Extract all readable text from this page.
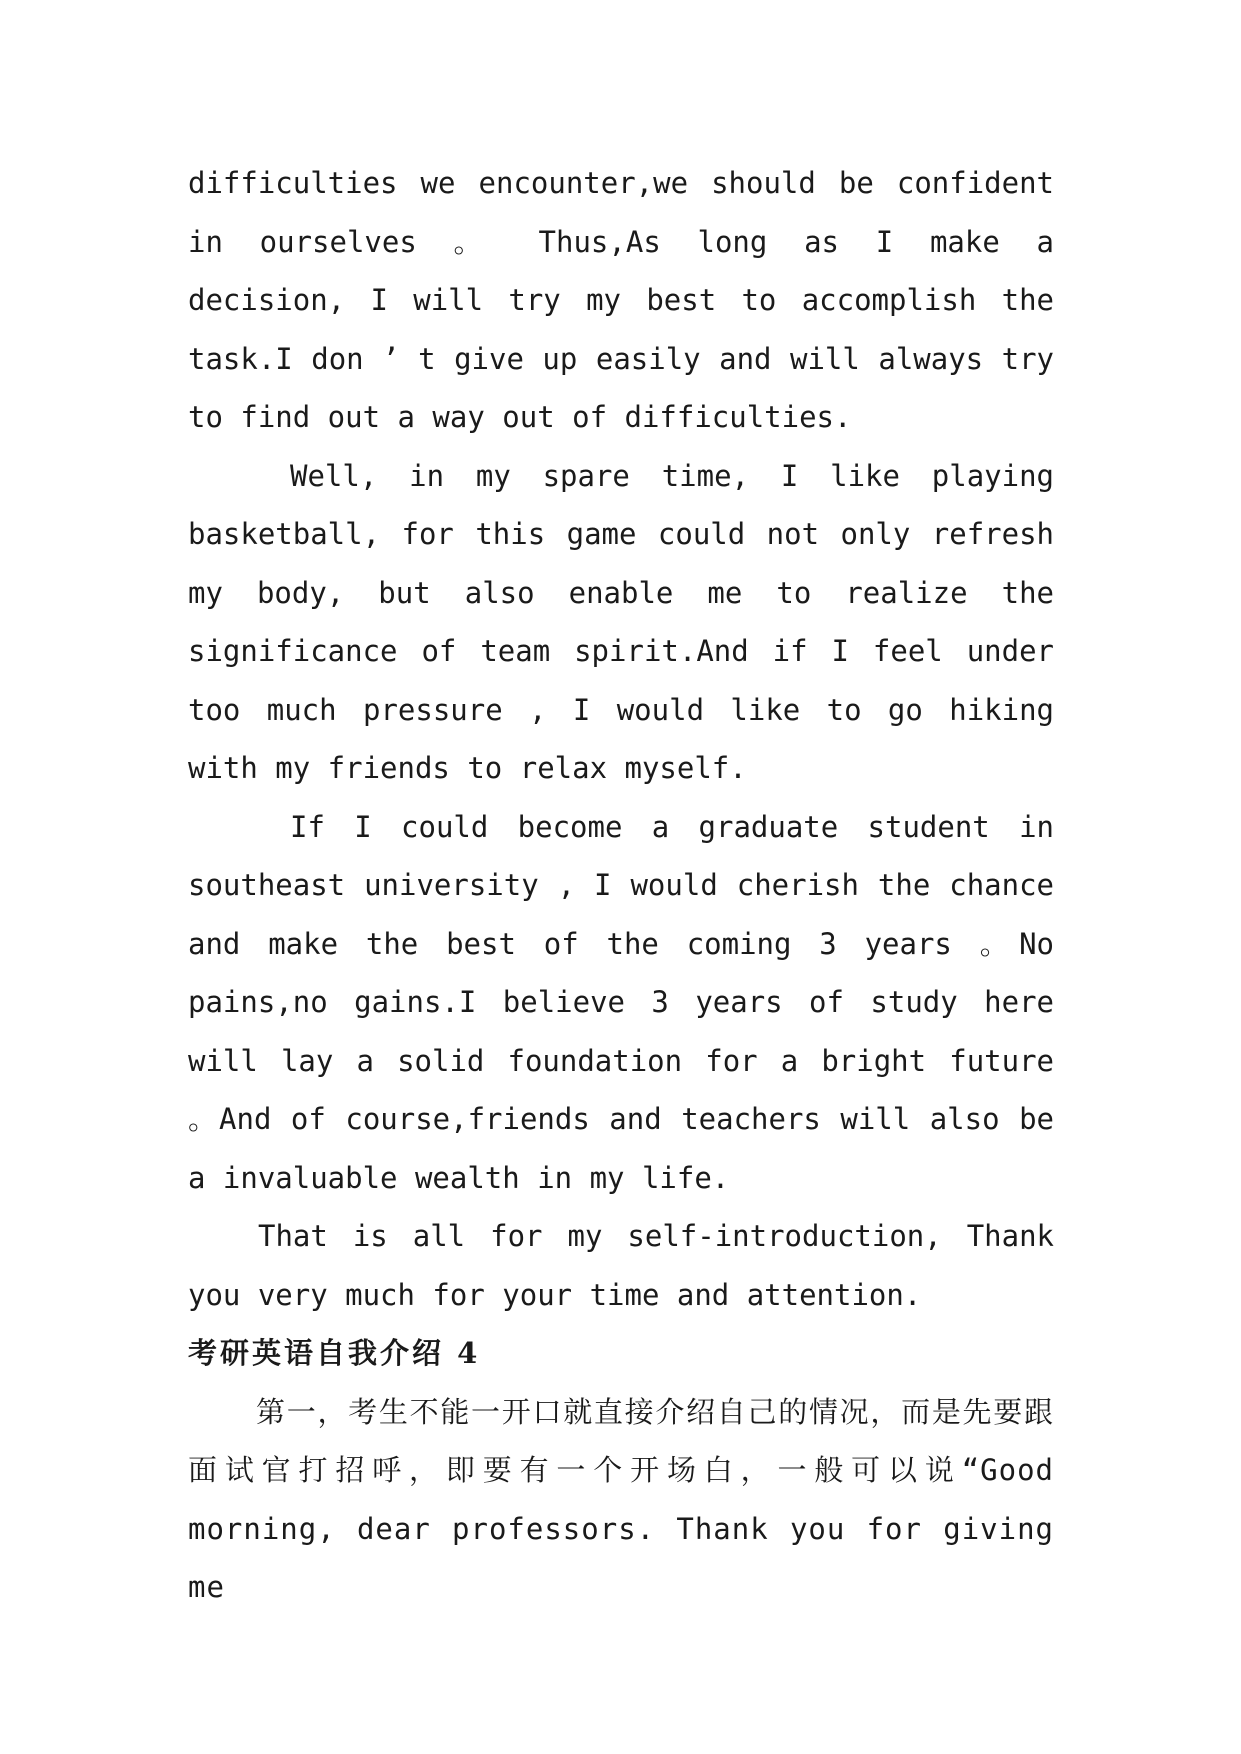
difficulties we encounter,we should be confident in ourselves 。 Thus,As long as I make a decision, I will try my best to accomplish the task.I don ’ t give up easily and will always try to find out a way out of difficulties.

Well, in my spare time, I like playing basketball, for this game could not only refresh my body, but also enable me to realize the significance of team spirit.And if I feel under too much pressure , I would like to go hiking with my friends to relax myself.

If I could become a graduate student in southeast university , I would cherish the chance and make the best of the coming 3 years 。No pains,no gains.I believe 3 years of study here will lay a solid foundation for a bright future 。And of course,friends and teachers will also be a invaluable wealth in my life.

That is all for my self-introduction, Thank you very much for your time and attention.

考研英语自我介绍 4

第一，考生不能一开口就直接介绍自己的情况，而是先要跟面试官打招呼，即要有一个开场白，一般可以说“Good morning, dear professors. Thank you for giving me
